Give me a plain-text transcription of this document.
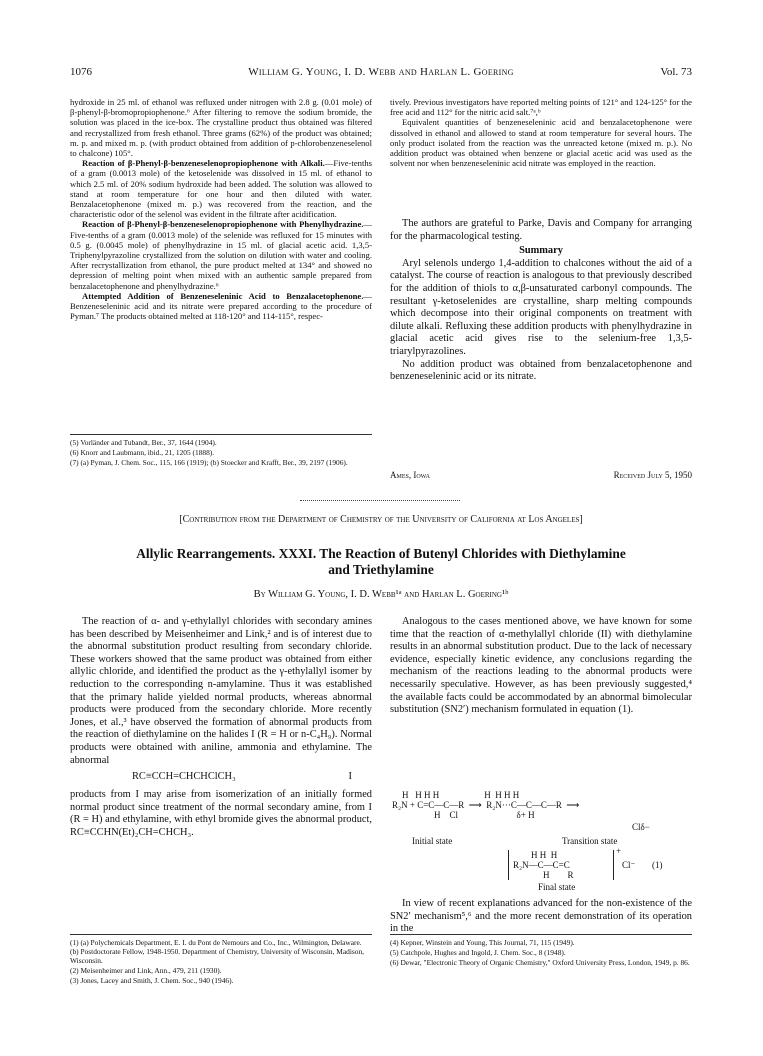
1076	William G. Young, I. D. Webb and Harlan L. Goering	Vol. 73

hydroxide in 25 ml. of ethanol was refluxed under nitrogen with 2.8 g. (0.01 mole) of β-phenyl-β-bromopropiophenone.⁶ After filtering to remove the sodium bromide, the solution was placed in the ice-box. The crystalline product thus obtained was filtered and recrystallized from fresh ethanol. Three grams (62%) of the product was obtained; m. p. and mixed m. p. (with product obtained from addition of p-chlorobenzeneselenol to chalcone) 105°.

Reaction of β-Phenyl-β-benzeneselenopropiophenone with Alkali.—Five-tenths of a gram (0.0013 mole) of the ketoselenide was dissolved in 15 ml. of ethanol to which 2.5 ml. of 20% sodium hydroxide had been added. The solution was allowed to stand at room temperature for one hour and then diluted with water. Benzalacetophenone (mixed m. p.) was recovered from the reaction, and the characteristic odor of the selenol was evident in the filtrate after acidification.

Reaction of β-Phenyl-β-benzeneselenopropiophenone with Phenylhydrazine.—Five-tenths of a gram (0.0013 mole) of the selenide was refluxed for 15 minutes with 0.5 g. (0.0045 mole) of phenylhydrazine in 15 ml. of glacial acetic acid. 1,3,5-Triphenylpyrazoline crystallized from the solution on dilution with water and cooling. After recrystallization from ethanol, the pure product melted at 134° and showed no depression of melting point when mixed with an authentic sample prepared from benzalacetophenone and phenylhydrazine.⁶

Attempted Addition of Benzeneseleninic Acid to Benzalacetophenone.—Benzeneseleninic acid and its nitrate were prepared according to the procedure of Pyman.⁷ The products obtained melted at 118-120° and 114-115°, respec-

(5) Vorländer and Tubandt, Ber., 37, 1644 (1904).
(6) Knorr and Laubmann, ibid., 21, 1205 (1888).
(7) (a) Pyman, J. Chem. Soc., 115, 166 (1919); (b) Stoecker and Krafft, Ber., 39, 2197 (1906).

tively. Previous investigators have reported melting points of 121° and 124-125° for the free acid and 112° for the nitric acid salt.⁷ᵃ,ᵇ

Equivalent quantities of benzeneseleninic acid and benzalacetophenone were dissolved in ethanol and allowed to stand at room temperature for several hours. The only product isolated from the reaction was the unreacted ketone (mixed m. p.). No addition product was obtained when benzene or glacial acetic acid was used as the solvent nor when benzeneseleninic acid nitrate was employed in the reaction.

The authors are grateful to Parke, Davis and Company for arranging for the pharmacological testing.

Summary

Aryl selenols undergo 1,4-addition to chalcones without the aid of a catalyst. The course of reaction is analogous to that previously described for the addition of thiols to α,β-unsaturated carbonyl compounds. The resultant γ-ketoselenides are crystalline, sharp melting compounds which decompose into their original components on treatment with dilute alkali. Refluxing these addition products with phenylhydrazine in glacial acetic acid gives rise to the selenium-free 1,3,5-triarylpyrazolines.

No addition product was obtained from benzalacetophenone and benzeneseleninic acid or its nitrate.

Ames, Iowa	Received July 5, 1950
[Contribution from the Department of Chemistry of the University of California at Los Angeles]
Allylic Rearrangements. XXXI. The Reaction of Butenyl Chlorides with Diethylamine
and Triethylamine
By William G. Young, I. D. Webb¹ᵃ and Harlan L. Goering¹ᵇ

The reaction of α- and γ-ethylallyl chlorides with secondary amines has been described by Meisenheimer and Link,² and is of interest due to the abnormal substitution product resulting from secondary chloride. These workers showed that the same product was obtained from either allylic chloride, and identified the product as the γ-ethylallyl isomer by reduction to the corresponding n-amylamine. Thus it was established that the primary halide yielded normal products, whereas abnormal products were produced from the secondary chloride. More recently Jones, et al.,³ have observed the formation of abnormal products from the reaction of diethylamine on the halides I (R = H or n-C₄H₉). Normal products were obtained with aniline, ammonia and ethylamine. The abnormal

RC≡CCH=CHCHClCH₃	I

products from I may arise from isomerization of an initially formed normal product since treatment of the normal secondary amine, from I (R = H) and ethylamine, with ethyl bromide gives the abnormal product, RC≡CCHN(Et)₂CH=CHCH₃.

(1) (a) Polychemicals Department, E. I. du Pont de Nemours and Co., Inc., Wilmington, Delaware. (b) Postdoctorate Fellow, 1948-1950. Department of Chemistry, University of Wisconsin, Madison, Wisconsin.
(2) Meisenheimer and Link, Ann., 479, 211 (1930).
(3) Jones, Lacey and Smith, J. Chem. Soc., 940 (1946).

Analogous to the cases mentioned above, we have known for some time that the reaction of α-methylallyl chloride (II) with diethylamine results in an abnormal substitution product. Due to the lack of necessary evidence, especially kinetic evidence, any conclusions regarding the mechanism of the reactions leading to the abnormal products were necessarily speculative. However, as has been previously suggested,⁴ the available facts could be accommodated by an abnormal bimolecular substitution (SN2′) mechanism formulated in equation (1).

H   H H H                    H  H H H
R₂N + C=C—C—R  ⟶  R₂N···C—C—C—R  ⟶
H    Cl                          δ+ H
Clδ−
Initial state	Transition state
H H  H
R₂N—C—C=C
H        R
+
Cl⁻ (1)
Final state

In view of recent explanations advanced for the non-existence of the SN2′ mechanism⁵,⁶ and the more recent demonstration of its operation in the

(4) Kepner, Winstein and Young, This Journal, 71, 115 (1949).
(5) Catchpole, Hughes and Ingold, J. Chem. Soc., 8 (1948).
(6) Dewar, "Electronic Theory of Organic Chemistry," Oxford University Press, London, 1949, p. 86.
